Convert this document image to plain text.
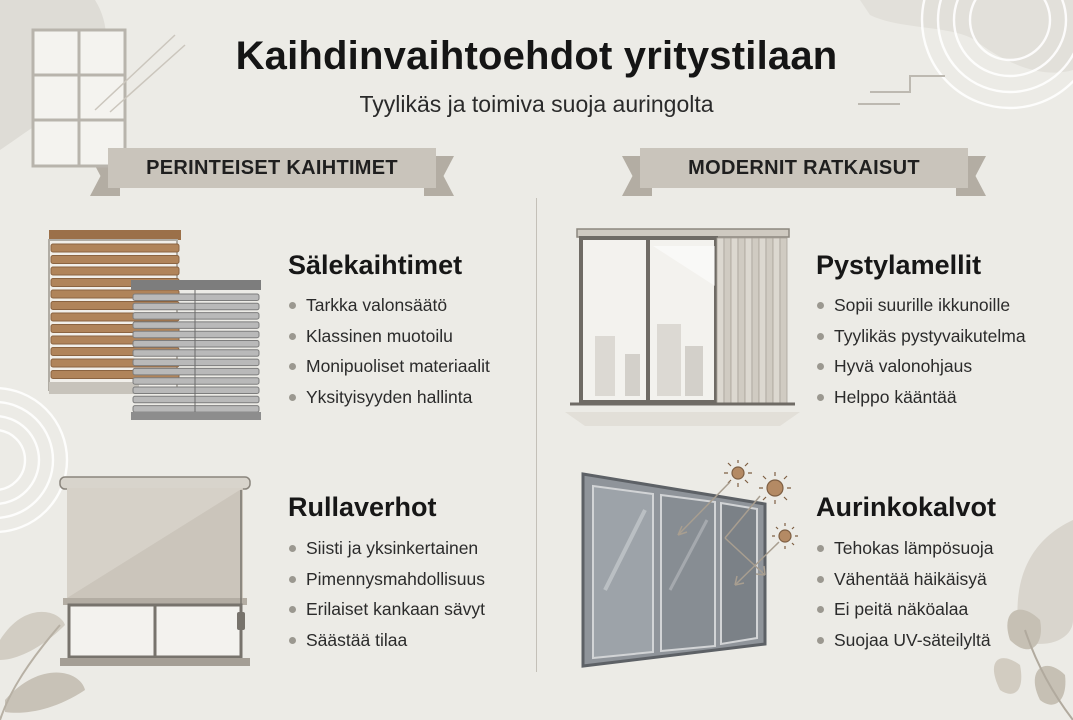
Kaihdinvaihtoehdot yritystilaan
Tyylikäs ja toimiva suoja auringolta
PERINTEISET KAIHTIMET	MODERNIT RATKAISUT
Sälekaihtimet
Tarkka valonsäätö
Klassinen muotoilu
Monipuoliset materiaalit
Yksityisyyden hallinta
Pystylamellit
Sopii suurille ikkunoille
Tyylikäs pystyvaikutelma
Hyvä valonohjaus
Helppo kääntää
Rullaverhot
Siisti ja yksinkertainen
Pimennysmahdollisuus
Erilaiset kankaan sävyt
Säästää tilaa
Aurinkokalvot
Tehokas lämpösuoja
Vähentää häikäisyä
Ei peitä näköalaa
Suojaa UV-säteilyltä
